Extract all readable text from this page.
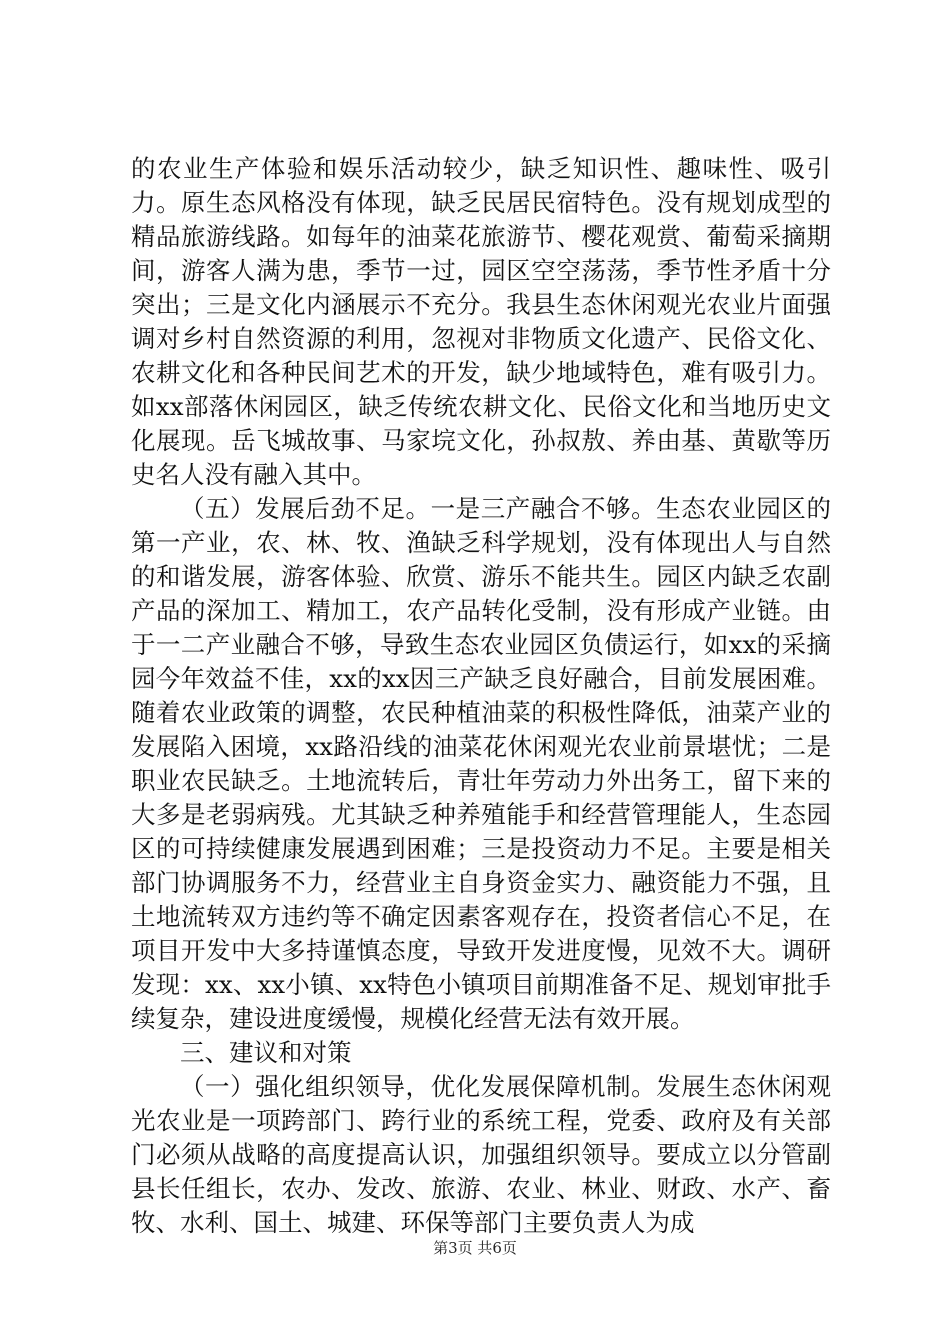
的农业生产体验和娱乐活动较少，缺乏知识性、趣味性、吸引力。原生态风格没有体现，缺乏民居民宿特色。没有规划成型的精品旅游线路。如每年的油菜花旅游节、樱花观赏、葡萄采摘期间，游客人满为患，季节一过，园区空空荡荡，季节性矛盾十分突出；三是文化内涵展示不充分。我县生态休闲观光农业片面强调对乡村自然资源的利用，忽视对非物质文化遗产、民俗文化、农耕文化和各种民间艺术的开发，缺少地域特色，难有吸引力。如xx部落休闲园区，缺乏传统农耕文化、民俗文化和当地历史文化展现。岳飞城故事、马家垸文化，孙叔敖、养由基、黄歇等历史名人没有融入其中。

（五）发展后劲不足。一是三产融合不够。生态农业园区的第一产业，农、林、牧、渔缺乏科学规划，没有体现出人与自然的和谐发展，游客体验、欣赏、游乐不能共生。园区内缺乏农副产品的深加工、精加工，农产品转化受制，没有形成产业链。由于一二产业融合不够，导致生态农业园区负债运行，如xx的采摘园今年效益不佳，xx的xx因三产缺乏良好融合，目前发展困难。随着农业政策的调整，农民种植油菜的积极性降低，油菜产业的发展陷入困境，xx路沿线的油菜花休闲观光农业前景堪忧；二是职业农民缺乏。土地流转后，青壮年劳动力外出务工，留下来的大多是老弱病残。尤其缺乏种养殖能手和经营管理能人，生态园区的可持续健康发展遇到困难；三是投资动力不足。主要是相关部门协调服务不力，经营业主自身资金实力、融资能力不强，且土地流转双方违约等不确定因素客观存在，投资者信心不足，在项目开发中大多持谨慎态度，导致开发进度慢，见效不大。调研发现：xx、xx小镇、xx特色小镇项目前期准备不足、规划审批手续复杂，建设进度缓慢，规模化经营无法有效开展。

三、建议和对策

（一）强化组织领导，优化发展保障机制。发展生态休闲观光农业是一项跨部门、跨行业的系统工程，党委、政府及有关部门必须从战略的高度提高认识，加强组织领导。要成立以分管副县长任组长，农办、发改、旅游、农业、林业、财政、水产、畜牧、水利、国土、城建、环保等部门主要负责人为成

第3页 共6页
